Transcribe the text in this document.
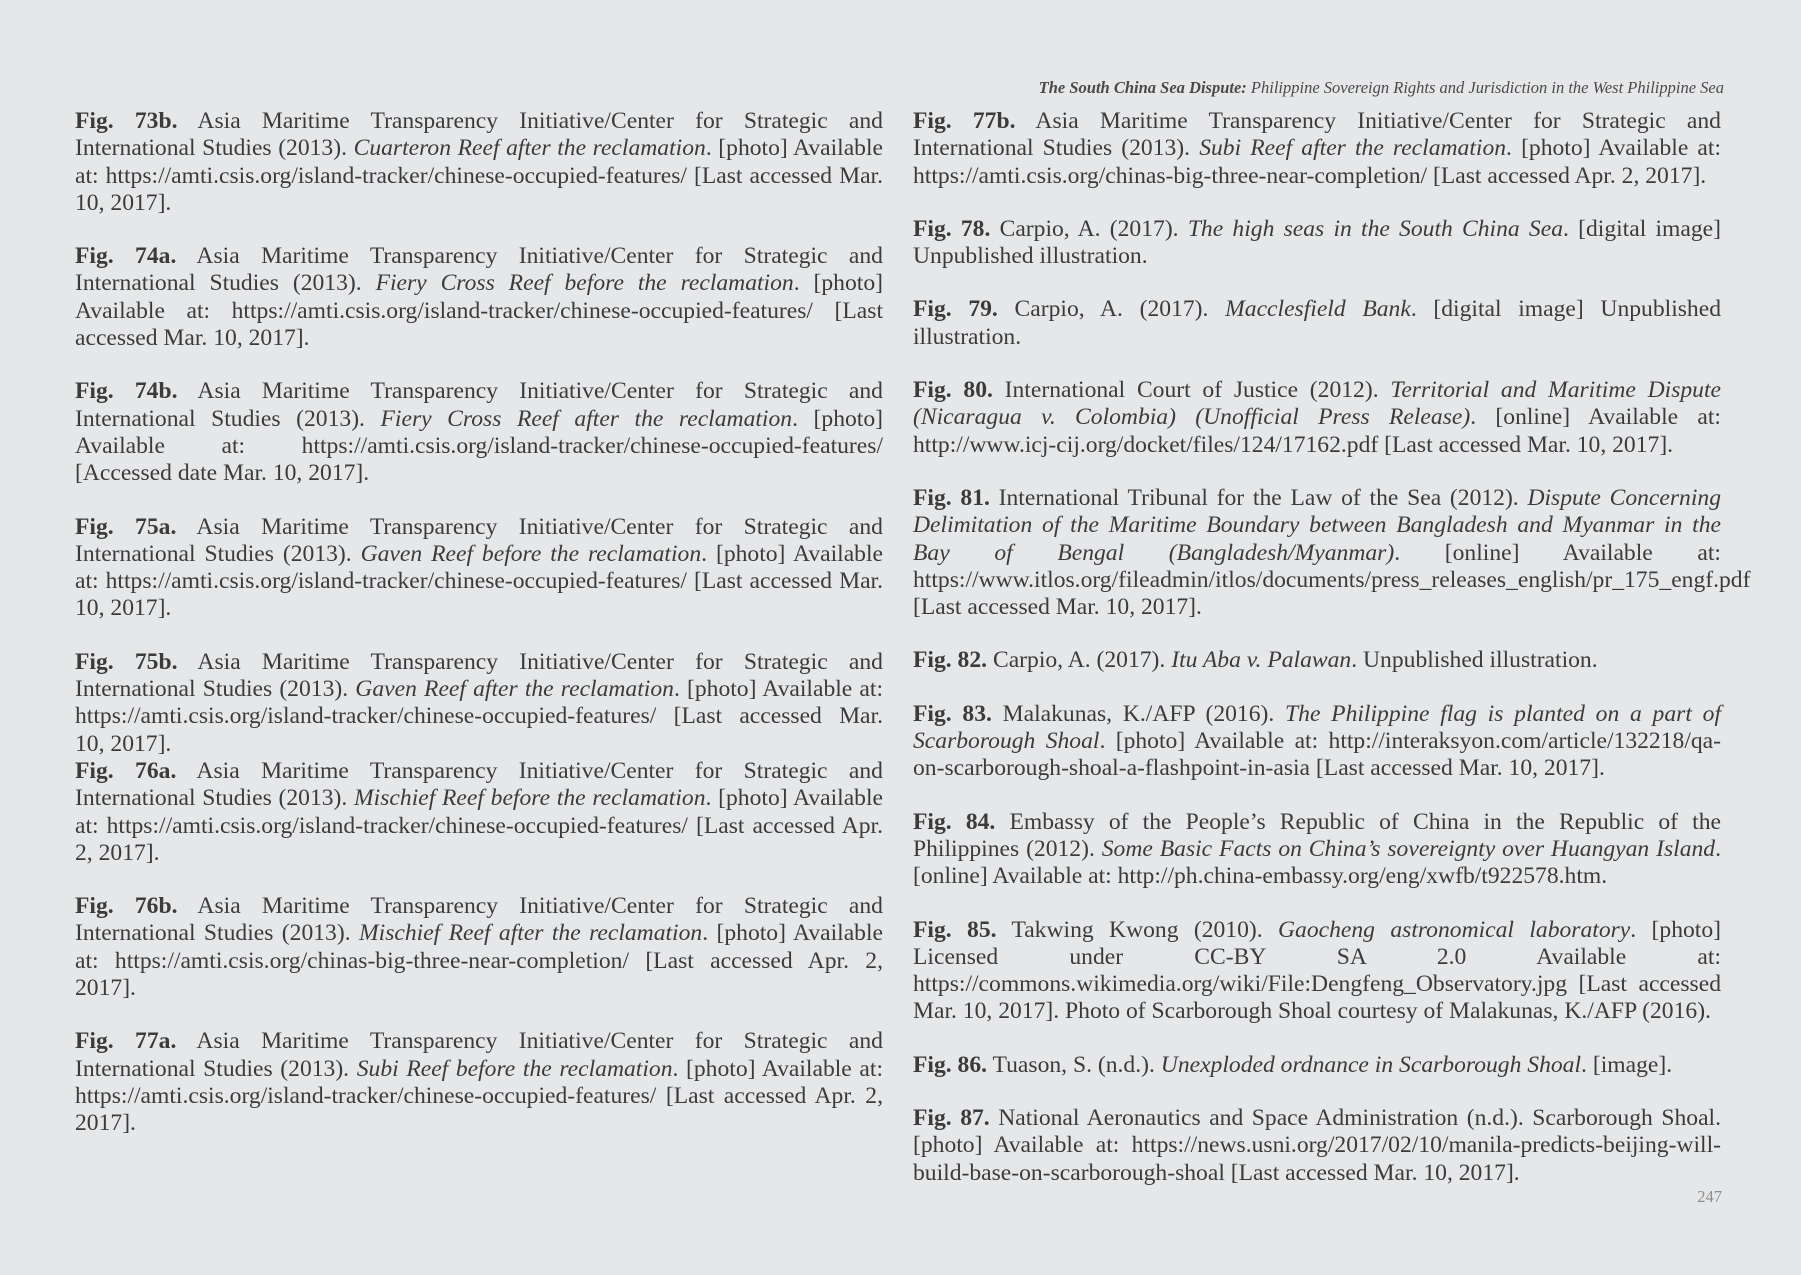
The South China Sea Dispute: Philippine Sovereign Rights and Jurisdiction in the West Philippine Sea

Fig. 73b. Asia Maritime Transparency Initiative/Center for Strategic and International Studies (2013). Cuarteron Reef after the reclamation. [photo] Available at: https://amti.csis.org/island-tracker/chinese-occupied-features/ [Last accessed Mar. 10, 2017].

Fig. 74a. Asia Maritime Transparency Initiative/Center for Strategic and International Studies (2013). Fiery Cross Reef before the reclamation. [photo] Available at: https://amti.csis.org/island-tracker/chinese-occupied-features/ [Last accessed Mar. 10, 2017].

Fig. 74b. Asia Maritime Transparency Initiative/Center for Strategic and International Studies (2013). Fiery Cross Reef after the reclamation. [photo] Available at: https://amti.csis.org/island-tracker/chinese-occupied-features/ [Accessed date Mar. 10, 2017].

Fig. 75a. Asia Maritime Transparency Initiative/Center for Strategic and International Studies (2013). Gaven Reef before the reclamation. [photo] Available at: https://amti.csis.org/island-tracker/chinese-occupied-features/ [Last accessed Mar. 10, 2017].

Fig. 75b. Asia Maritime Transparency Initiative/Center for Strategic and International Studies (2013). Gaven Reef after the reclamation. [photo] Available at: https://amti.csis.org/island-tracker/chinese-occupied-features/ [Last accessed Mar. 10, 2017].

Fig. 76a. Asia Maritime Transparency Initiative/Center for Strategic and International Studies (2013). Mischief Reef before the reclamation. [photo] Available at: https://amti.csis.org/island-tracker/chinese-occupied-features/ [Last accessed Apr. 2, 2017].

Fig. 76b. Asia Maritime Transparency Initiative/Center for Strategic and International Studies (2013). Mischief Reef after the reclamation. [photo] Available at: https://amti.csis.org/chinas-big-three-near-completion/ [Last accessed Apr. 2, 2017].

Fig. 77a. Asia Maritime Transparency Initiative/Center for Strategic and International Studies (2013). Subi Reef before the reclamation. [photo] Available at: https://amti.csis.org/island-tracker/chinese-occupied-features/ [Last accessed Apr. 2, 2017].

Fig. 77b. Asia Maritime Transparency Initiative/Center for Strategic and International Studies (2013). Subi Reef after the reclamation. [photo] Available at: https://amti.csis.org/chinas-big-three-near-completion/ [Last accessed Apr. 2, 2017].

Fig. 78. Carpio, A. (2017). The high seas in the South China Sea. [digital image] Unpublished illustration.

Fig. 79. Carpio, A. (2017). Macclesfield Bank. [digital image] Unpublished illustration.

Fig. 80. International Court of Justice (2012). Territorial and Maritime Dispute (Nicaragua v. Colombia) (Unofficial Press Release). [online] Available at: http://www.icj-cij.org/docket/files/124/17162.pdf [Last accessed Mar. 10, 2017].

Fig. 81. International Tribunal for the Law of the Sea (2012). Dispute Concerning Delimitation of the Maritime Boundary between Bangladesh and Myanmar in the Bay of Bengal (Bangladesh/Myanmar). [online] Available at: https://www.itlos.org/fileadmin/itlos/documents/press_releases_english/pr_175_engf.pdf [Last accessed Mar. 10, 2017].

Fig. 82. Carpio, A. (2017). Itu Aba v. Palawan. Unpublished illustration.

Fig. 83. Malakunas, K./AFP (2016). The Philippine flag is planted on a part of Scarborough Shoal. [photo] Available at: http://interaksyon.com/article/132218/qa-on-scarborough-shoal-a-flashpoint-in-asia [Last accessed Mar. 10, 2017].

Fig. 84. Embassy of the People’s Republic of China in the Republic of the Philippines (2012). Some Basic Facts on China’s sovereignty over Huangyan Island. [online] Available at: http://ph.china-embassy.org/eng/xwfb/t922578.htm.

Fig. 85. Takwing Kwong (2010). Gaocheng astronomical laboratory. [photo] Licensed under CC-BY SA 2.0 Available at: https://commons.wikimedia.org/wiki/File:Dengfeng_Observatory.jpg [Last accessed Mar. 10, 2017]. Photo of Scarborough Shoal courtesy of Malakunas, K./AFP (2016).

Fig. 86. Tuason, S. (n.d.). Unexploded ordnance in Scarborough Shoal. [image].

Fig. 87. National Aeronautics and Space Administration (n.d.). Scarborough Shoal. [photo] Available at: https://news.usni.org/2017/02/10/manila-predicts-beijing-will-build-base-on-scarborough-shoal [Last accessed Mar. 10, 2017].

247
